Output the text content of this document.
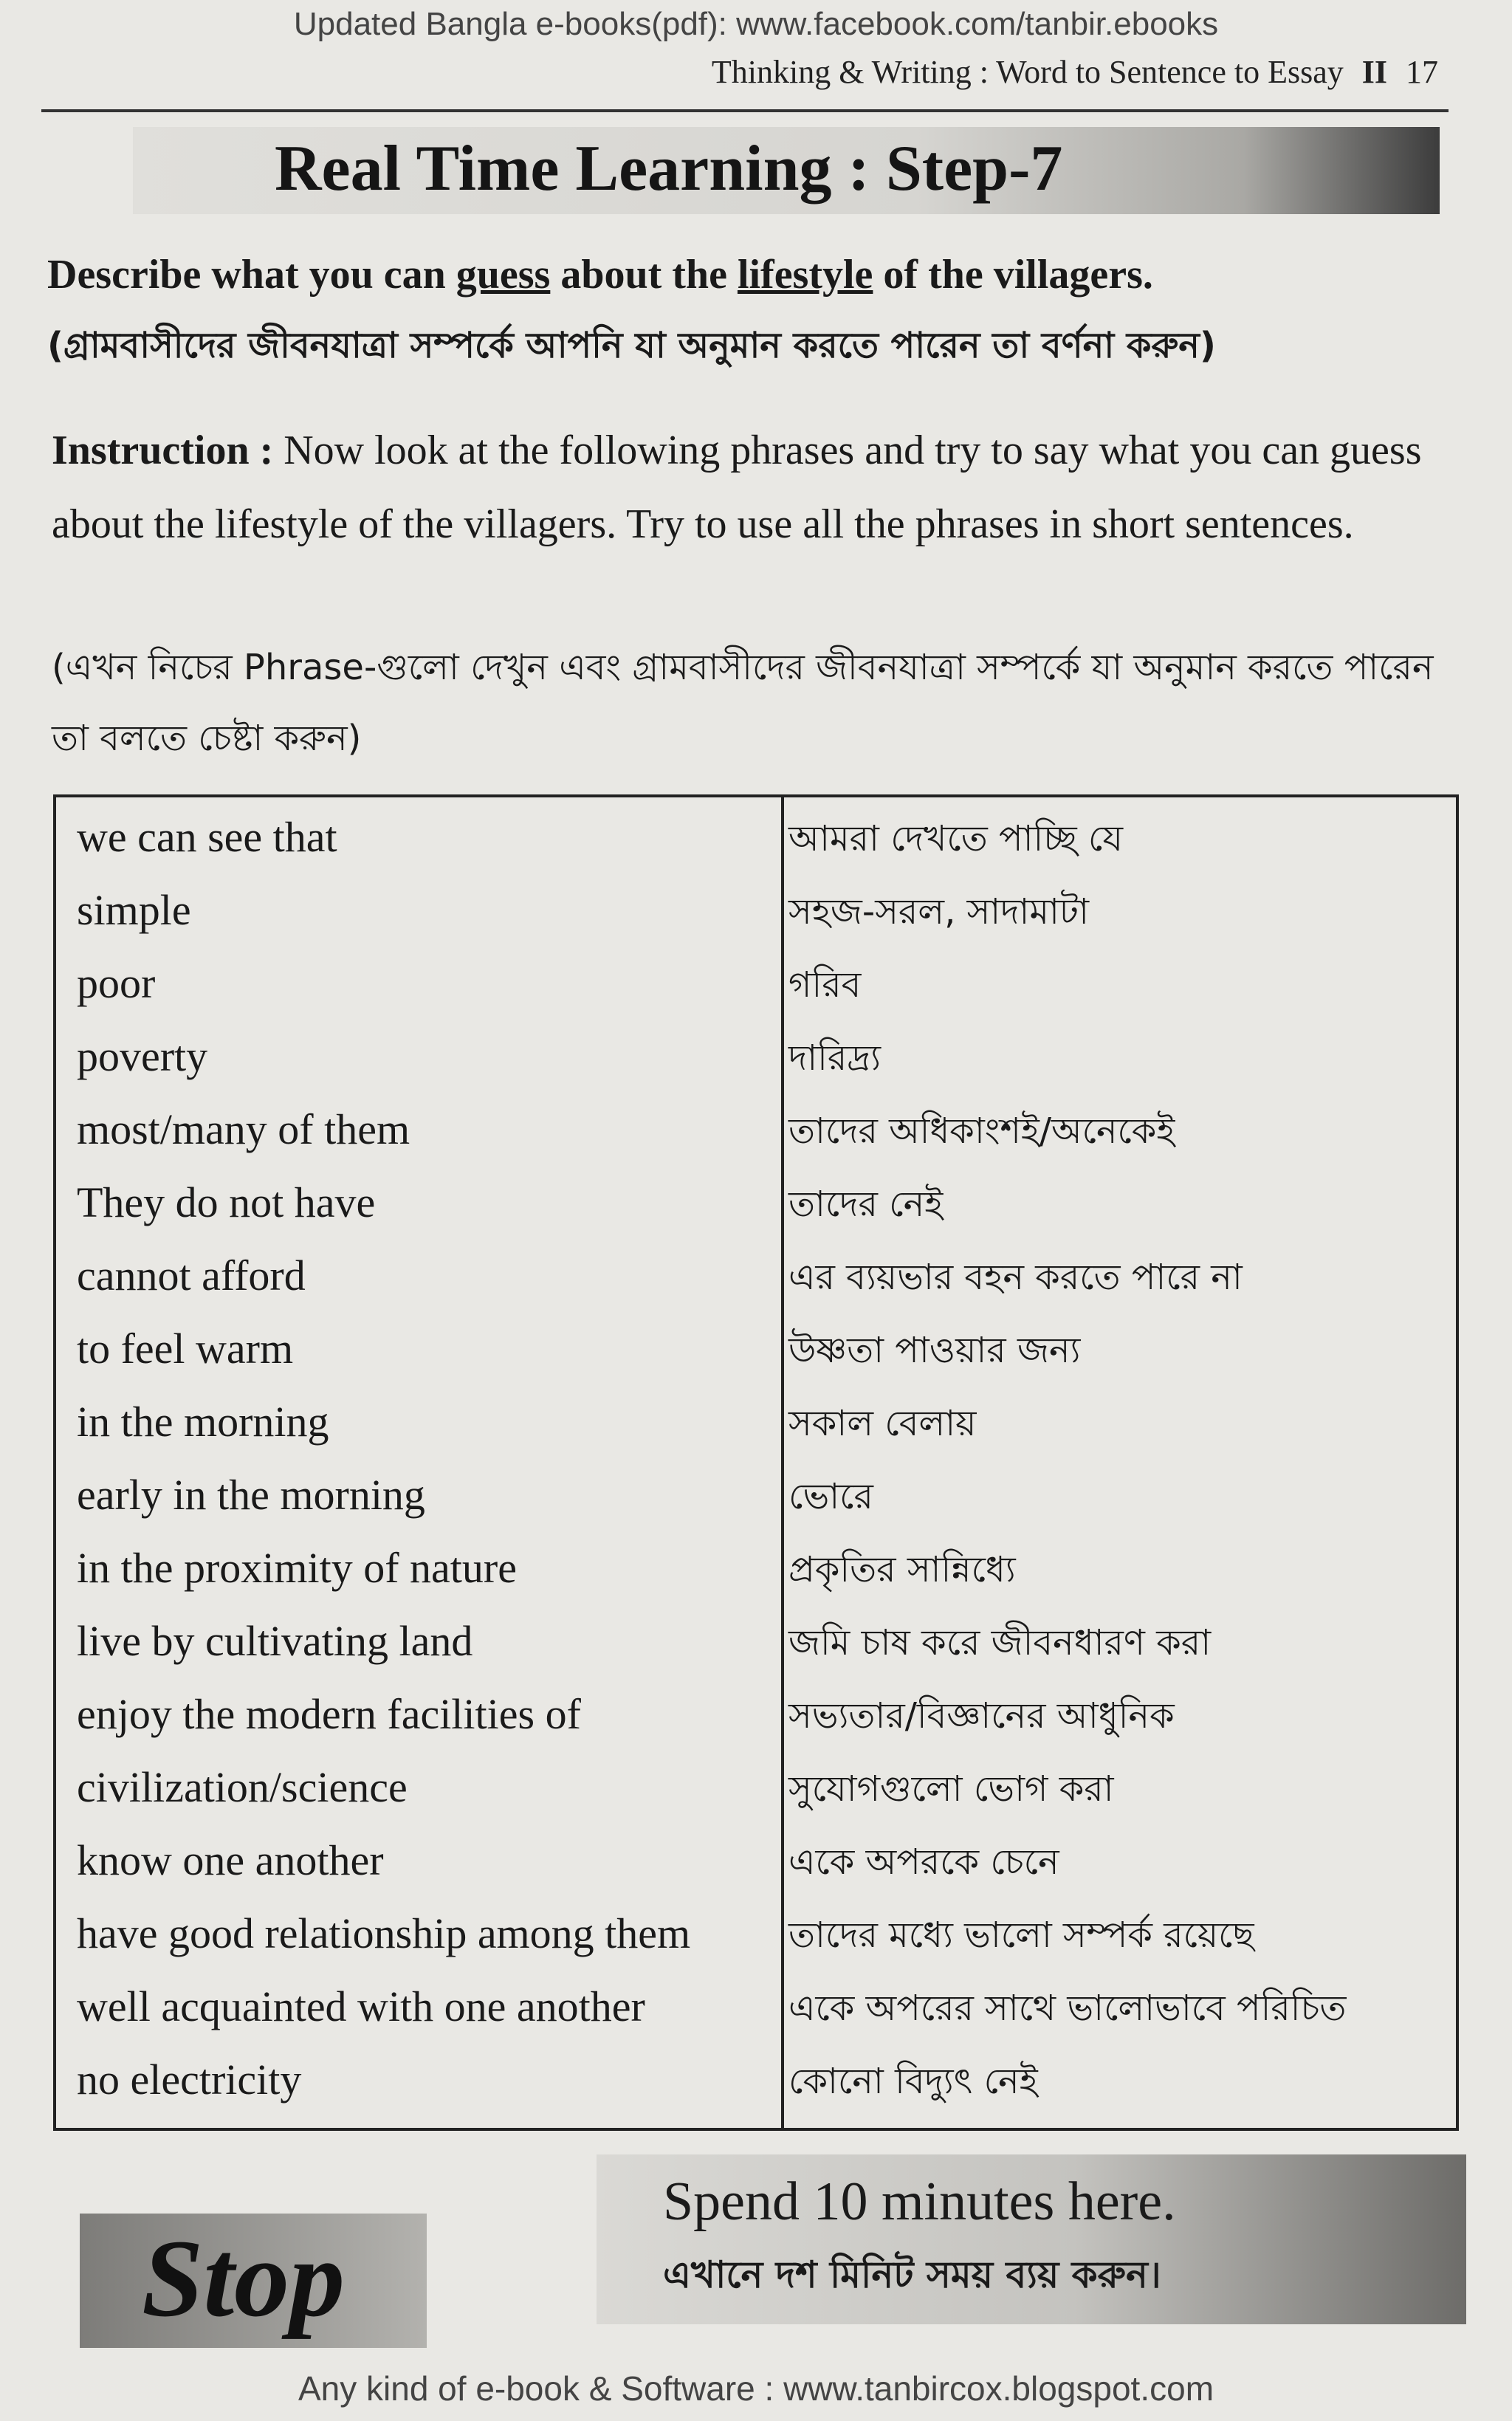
Updated Bangla e-books(pdf): www.facebook.com/tanbir.ebooks
Thinking & Writing : Word to Sentence to Essay II 17
Real Time Learning : Step-7
Describe what you can guess about the lifestyle of the villagers.
(গ্রামবাসীদের জীবনযাত্রা সম্পর্কে আপনি যা অনুমান করতে পারেন তা বর্ণনা করুন)
Instruction : Now look at the following phrases and try to say what you can guess about the lifestyle of the villagers. Try to use all the phrases in short sentences.
(এখন নিচের Phrase-গুলো দেখুন এবং গ্রামবাসীদের জীবনযাত্রা সম্পর্কে যা অনুমান করতে পারেন তা বলতে চেষ্টা করুন)
we can see that	আমরা দেখতে পাচ্ছি যে
simple	সহজ-সরল, সাদামাটা
poor	গরিব
poverty	দারিদ্র্য
most/many of them	তাদের অধিকাংশই/অনেকেই
They do not have	তাদের নেই
cannot afford	এর ব্যয়ভার বহন করতে পারে না
to feel warm	উষ্ণতা পাওয়ার জন্য
in the morning	সকাল বেলায়
early in the morning	ভোরে
in the proximity of nature	প্রকৃতির সান্নিধ্যে
live by cultivating land	জমি চাষ করে জীবনধারণ করা
enjoy the modern facilities of	সভ্যতার/বিজ্ঞানের আধুনিক
civilization/science	সুযোগগুলো ভোগ করা
know one another	একে অপরকে চেনে
have good relationship among them	তাদের মধ্যে ভালো সম্পর্ক রয়েছে
well acquainted with one another	একে অপরের সাথে ভালোভাবে পরিচিত
no electricity	কোনো বিদ্যুৎ নেই
Stop
Spend 10 minutes here.
এখানে দশ মিনিট সময় ব্যয় করুন।
Any kind of e-book & Software : www.tanbircox.blogspot.com
